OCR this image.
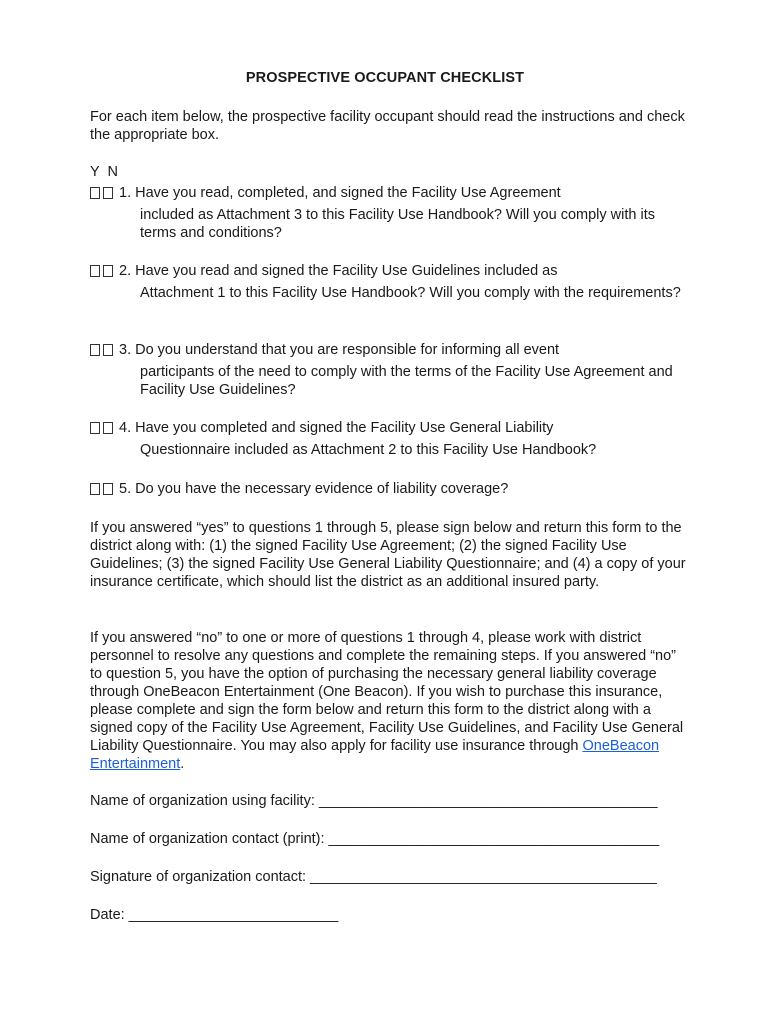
PROSPECTIVE OCCUPANT CHECKLIST
For each item below, the prospective facility occupant should read the instructions and check the appropriate box.
Y  N
1. Have you read, completed, and signed the Facility Use Agreement
included as Attachment 3 to this Facility Use Handbook? Will you comply with its terms and conditions?
2. Have you read and signed the Facility Use Guidelines included as
Attachment 1 to this Facility Use Handbook? Will you comply with the requirements?
3. Do you understand that you are responsible for informing all event
participants of the need to comply with the terms of the Facility Use Agreement and Facility Use Guidelines?
4. Have you completed and signed the Facility Use General Liability
Questionnaire included as Attachment 2 to this Facility Use Handbook?
5. Do you have the necessary evidence of liability coverage?
If you answered “yes” to questions 1 through 5, please sign below and return this form to the district along with: (1) the signed Facility Use Agreement; (2) the signed Facility Use Guidelines; (3) the signed Facility Use General Liability Questionnaire; and (4) a copy of your insurance certificate, which should list the district as an additional insured party.
If you answered “no” to one or more of questions 1 through 4, please work with district personnel to resolve any questions and complete the remaining steps. If you answered “no” to question 5, you have the option of purchasing the necessary general liability coverage through OneBeacon Entertainment (One Beacon). If you wish to purchase this insurance, please complete and sign the form below and return this form to the district along with a signed copy of the Facility Use Agreement, Facility Use Guidelines, and Facility Use General Liability Questionnaire. You may also apply for facility use insurance through OneBeacon Entertainment.
Name of organization using facility: __________________________________________
Name of organization contact (print): _________________________________________
Signature of organization contact: ___________________________________________
Date: __________________________
